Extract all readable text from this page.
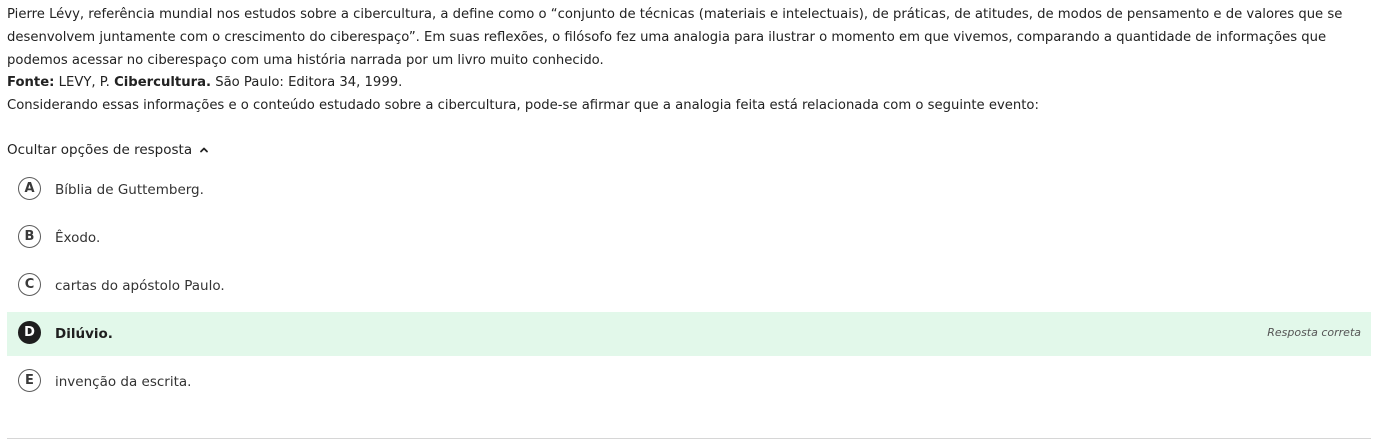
Pierre Lévy, referência mundial nos estudos sobre a cibercultura, a define como o “conjunto de técnicas (materiais e intelectuais), de práticas, de atitudes, de modos de pensamento e de valores que se desenvolvem juntamente com o crescimento do ciberespaço”. Em suas reflexões, o filósofo fez uma analogia para ilustrar o momento em que vivemos, comparando a quantidade de informações que podemos acessar no ciberespaço com uma história narrada por um livro muito conhecido.

Fonte: LEVY, P. Cibercultura. São Paulo: Editora 34, 1999.

Considerando essas informações e o conteúdo estudado sobre a cibercultura, pode-se afirmar que a analogia feita está relacionada com o seguinte evento:

Ocultar opções de resposta
A	Bíblia de Guttemberg.
B	Êxodo.
C	cartas do apóstolo Paulo.
D	Dilúvio.	Resposta correta
E	invenção da escrita.
